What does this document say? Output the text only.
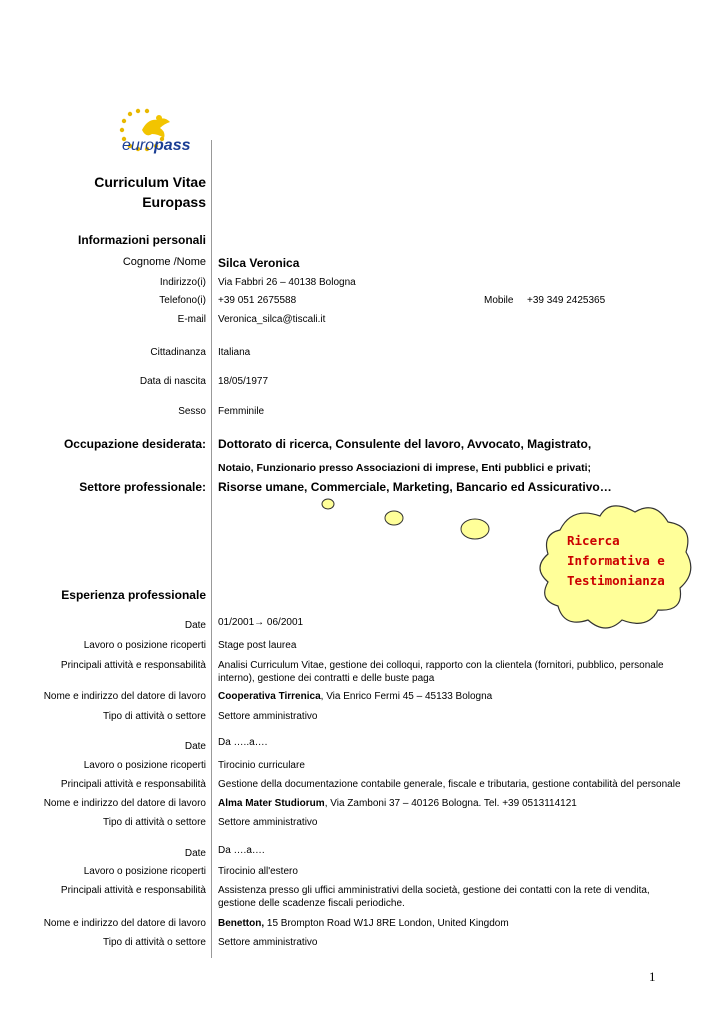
europass
Curriculum Vitae
Europass
Informazioni personali
Cognome /Nome Silca Veronica
Indirizzo(i) Via Fabbri 26 – 40138 Bologna
Telefono(i) +39 051 2675588	Mobile +39 349 2425365
E-mail Veronica_silca@tiscali.it
Cittadinanza Italiana
Data di nascita 18/05/1977
Sesso Femminile
Occupazione desiderata: Dottorato di ricerca, Consulente del lavoro, Avvocato, Magistrato,
Notaio, Funzionario presso Associazioni di imprese, Enti pubblici e privati;
Settore professionale: Risorse umane, Commerciale, Marketing, Bancario ed Assicurativo…
Ricerca
Informativa e
Testimonianza
Esperienza professionale
Date 01/2001→ 06/2001
Lavoro o posizione ricoperti Stage post laurea
Principali attività e responsabilità Analisi Curriculum Vitae, gestione dei colloqui, rapporto con la clientela (fornitori, pubblico, personale
interno), gestione dei contratti e delle buste paga
Nome e indirizzo del datore di lavoro Cooperativa Tirrenica, Via Enrico Fermi 45 – 45133 Bologna
Tipo di attività o settore Settore amministrativo
Date Da …..a….
Lavoro o posizione ricoperti Tirocinio curriculare
Principali attività e responsabilità Gestione della documentazione contabile generale, fiscale e tributaria, gestione contabilità del personale
Nome e indirizzo del datore di lavoro Alma Mater Studiorum, Via Zamboni 37 – 40126 Bologna. Tel. +39 0513114121
Tipo di attività o settore Settore amministrativo
Date Da ….a….
Lavoro o posizione ricoperti Tirocinio all'estero
Principali attività e responsabilità Assistenza presso gli uffici amministrativi della società, gestione dei contatti con la rete di vendita,
gestione delle scadenze fiscali periodiche.
Nome e indirizzo del datore di lavoro Benetton, 15 Brompton Road W1J 8RE London, United Kingdom
Tipo di attività o settore Settore amministrativo
1
